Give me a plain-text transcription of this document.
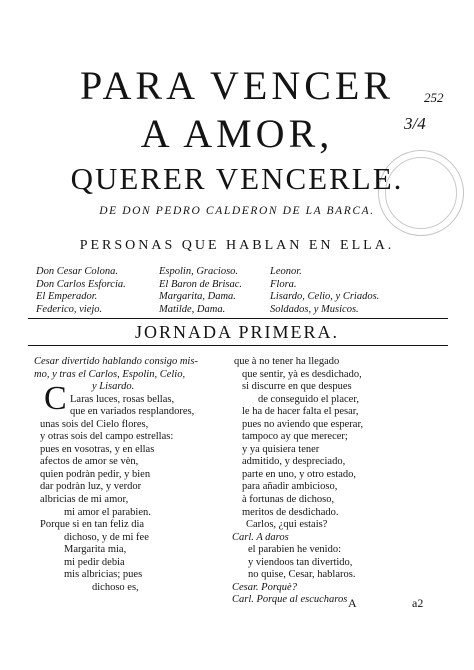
252
3/4
PARA VENCER
A AMOR,
QUERER VENCERLE.
DE DON PEDRO CALDERON DE LA BARCA.
PERSONAS QUE HABLAN EN ELLA.
Don Cesar Colona.
Don Carlos Esforcia.
El Emperador.
Federico, viejo.
Espolin, Gracioso.
El Baron de Brisac.
Margarita, Dama.
Matilde, Dama.
Leonor.
Flora.
Lisardo, Celio, y Criados.
Soldados, y Musicos.
JORNADA PRIMERA.
Cesar divertido hablando consigo mis-
mo, y tras el Carlos, Espolin, Celio,
y Lisardo.
Laras luces, rosas bellas,
que en variados resplandores,
unas sois del Cielo flores,
y otras sois del campo estrellas:
pues en vosotras, y en ellas
afectos de amor se vèn,
quien podràn pedir, y bien
dar podràn luz, y verdor
albricias de mi amor,
mi amor el parabien.
Porque si en tan feliz dia
dichoso, y de mi fee
Margarita mia,
mi pedir debia
mis albricias; pues
dichoso es,
C
que à no tener ha llegado
que sentir, yà es desdichado,
si discurre en que despues
de conseguido el placer,
le ha de hacer falta el pesar,
pues no aviendo que esperar,
tampoco ay que merecer;
y ya quisiera tener
admitido, y despreciado,
parte en uno, y otro estado,
para añadir ambicioso,
à fortunas de dichoso,
meritos de desdichado.
Carlos, ¿qui estais?
Carl. A daros
el parabien he venido:
y viendoos tan divertido,
no quise, Cesar, hablaros.
Cesar. Porquè?
Carl. Porque al escucharos A	a2
